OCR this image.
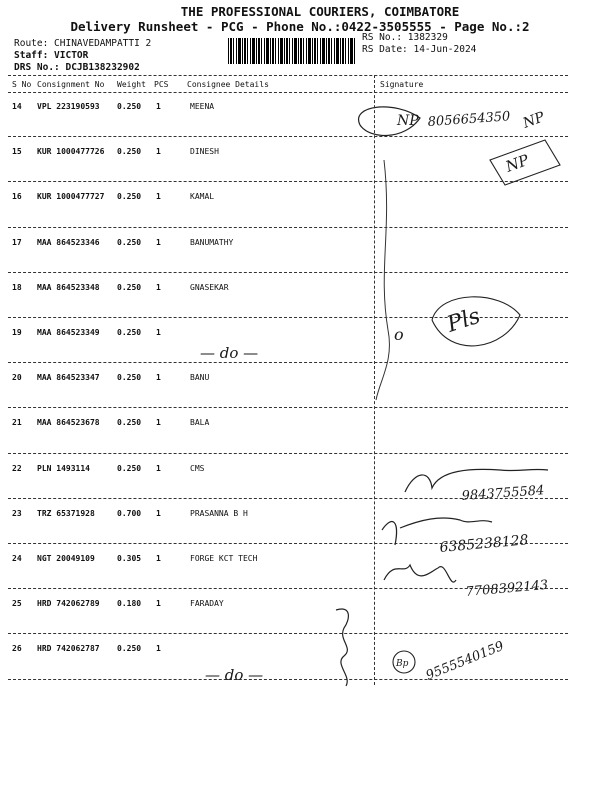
THE PROFESSIONAL COURIERS, COIMBATORE
Delivery Runsheet - PCG - Phone No.:0422-3505555 - Page No.:2
Route: CHINAVEDAMPATTI 2
Staff: VICTOR
DRS No.: DCJB138232902
RS No.: 1382329
RS Date: 14-Jun-2024
S No Consignment No Weight PCS Consignee Details	Signature
14 VPL 223190593 0.250 1	MEENA
15 KUR 1000477726 0.250 1	DINESH
16 KUR 1000477727 0.250 1	KAMAL
17 MAA 864523346 0.250 1	BANUMATHY
18 MAA 864523348 0.250 1	GNASEKAR
19 MAA 864523349 0.250 1
20 MAA 864523347 0.250 1	BANU
21 MAA 864523678 0.250 1	BALA
22 PLN 1493114	0.250 1	CMS
23 TRZ 65371928	0.700 1	PRASANNA B H
24 NGT 20049109	0.305 1	FORGE KCT TECH
25 HRD 742062789 0.180 1	FARADAY
26 HRD 742062787 0.250 1
NP 8056654350 NP
NP
Pls
o
— do —
9843755584
6385238128
7708392143
Bp 9555540159
— do —
